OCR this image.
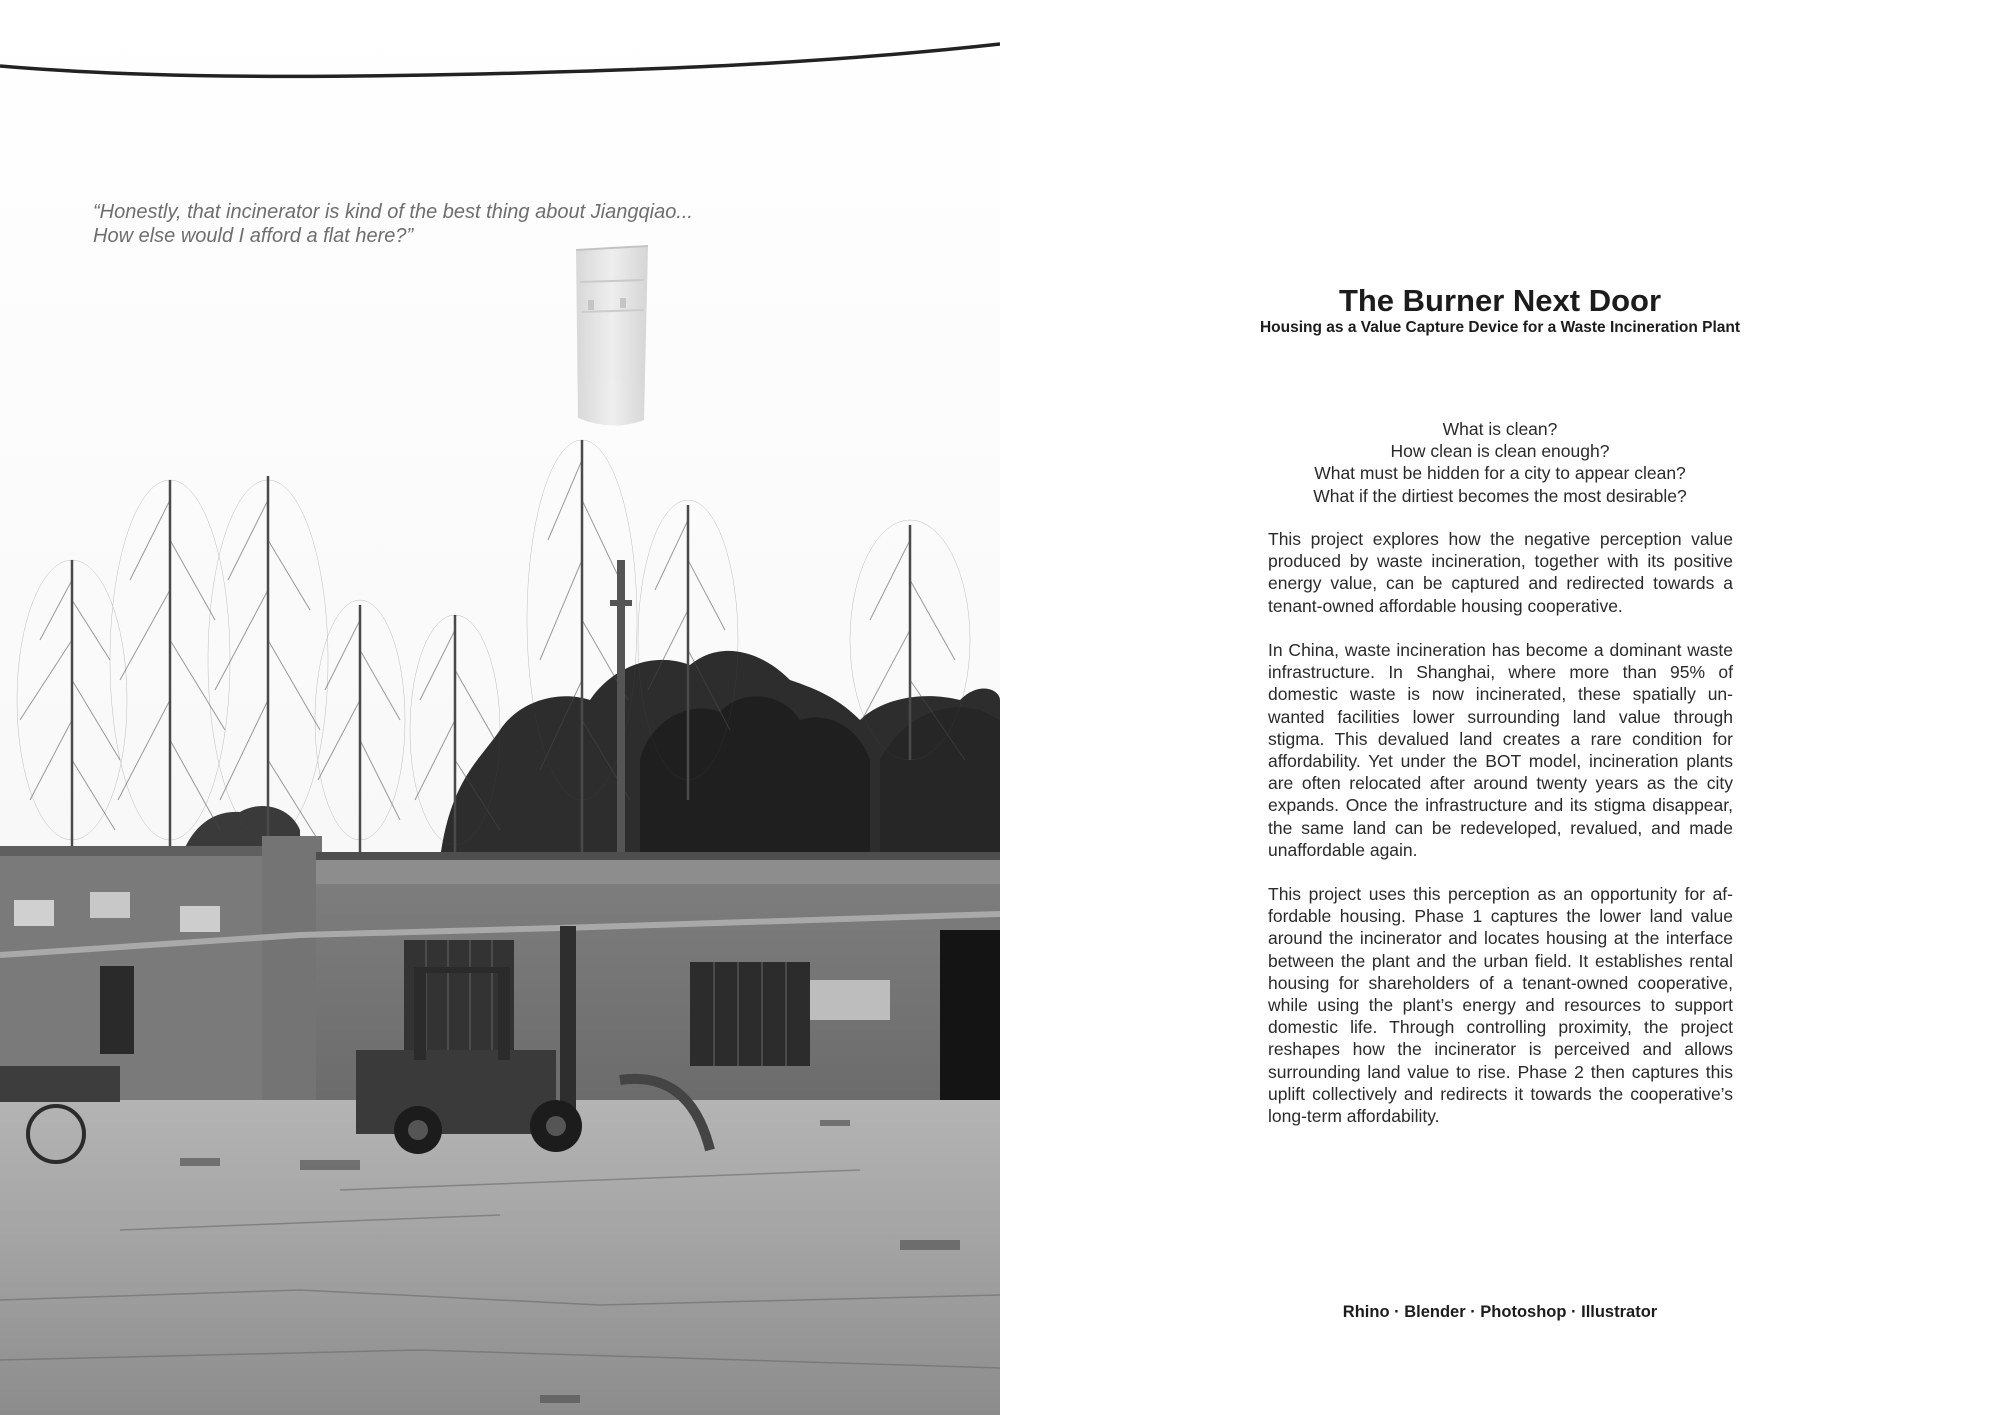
“Honestly, that incinerator is kind of the best thing about Jiangqiao...
How else would I afford a flat here?”
The Burner Next Door
Housing as a Value Capture Device for a Waste Incineration Plant
What is clean?
How clean is clean enough?
What must be hidden for a city to appear clean?
What if the dirtiest becomes the most desirable?
This project explores how the negative perception value produced by waste incineration, together with its positive energy value, can be captured and redirected towards a tenant-owned affordable housing cooperative.
In China, waste incineration has become a dominant waste infrastructure. In Shanghai, where more than 95% of domestic waste is now incinerated, these spatially unwanted facilities lower surrounding land value through stigma. This devalued land creates a rare condition for affordability. Yet under the BOT model, incineration plants are often relocated after around twenty years as the city expands. Once the infrastructure and its stigma disappear, the same land can be redeveloped, revalued, and made unaffordable again.
This project uses this perception as an opportunity for affordable housing. Phase 1 captures the lower land value around the incinerator and locates housing at the interface between the plant and the urban field. It establishes rental housing for shareholders of a tenant-owned cooperative, while using the plant’s energy and resources to support domestic life. Through controlling proximity, the project reshapes how the incinerator is perceived and allows surrounding land value to rise. Phase 2 then captures this uplift collectively and redirects it towards the cooperative’s long-term affordability.
Rhino · Blender · Photoshop · Illustrator
